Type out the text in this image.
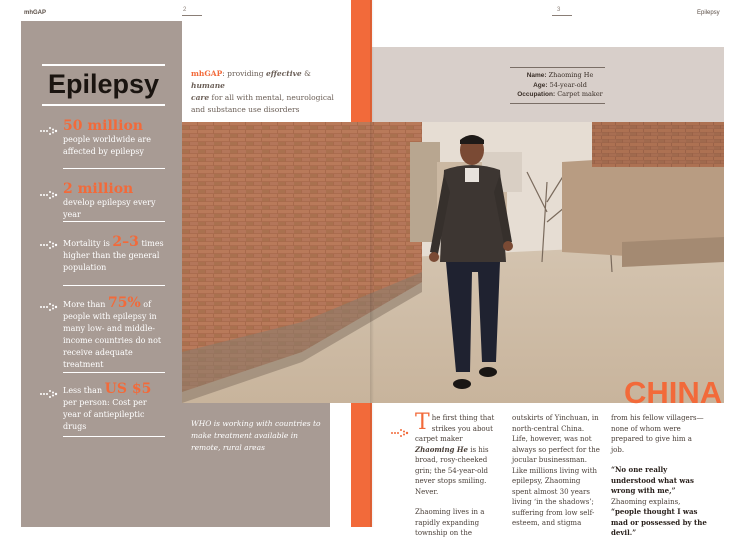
mhGAP	2	3	Epilepsy
Epilepsy
50 million
people worldwide are affected by epilepsy
2 million develop epilepsy every year
Mortality is 2–3 times higher than the general population
More than 75% of people with epilepsy in many low- and middle-income countries do not receive adequate treatment
Less than US $5 per person: Cost per year of antiepileptic drugs
mhGAP: providing effective & humane
care for all with mental, neurological and substance use disorders
Name: Zhaoming He
Age: 54-year-old
Occupation: Carpet maker
WHO is working with countries to make treatment available in remote, rural areas
CHINA
The first thing that strikes you about carpet maker Zhaoming He is his broad, rosy-cheeked grin; the 54-year-old never stops smiling. Never.
Zhaoming lives in a rapidly expanding township on the
outskirts of Yinchuan, in north-central China. Life, however, was not always so perfect for the jocular businessman. Like millions living with epilepsy, Zhaoming spent almost 30 years living ‘in the shadows’; suffering from low self-esteem, and stigma
from his fellow villagers—none of whom were prepared to give him a job.
“No one really understood what was wrong with me,” Zhaoming explains, “people thought I was mad or possessed by the devil.”
